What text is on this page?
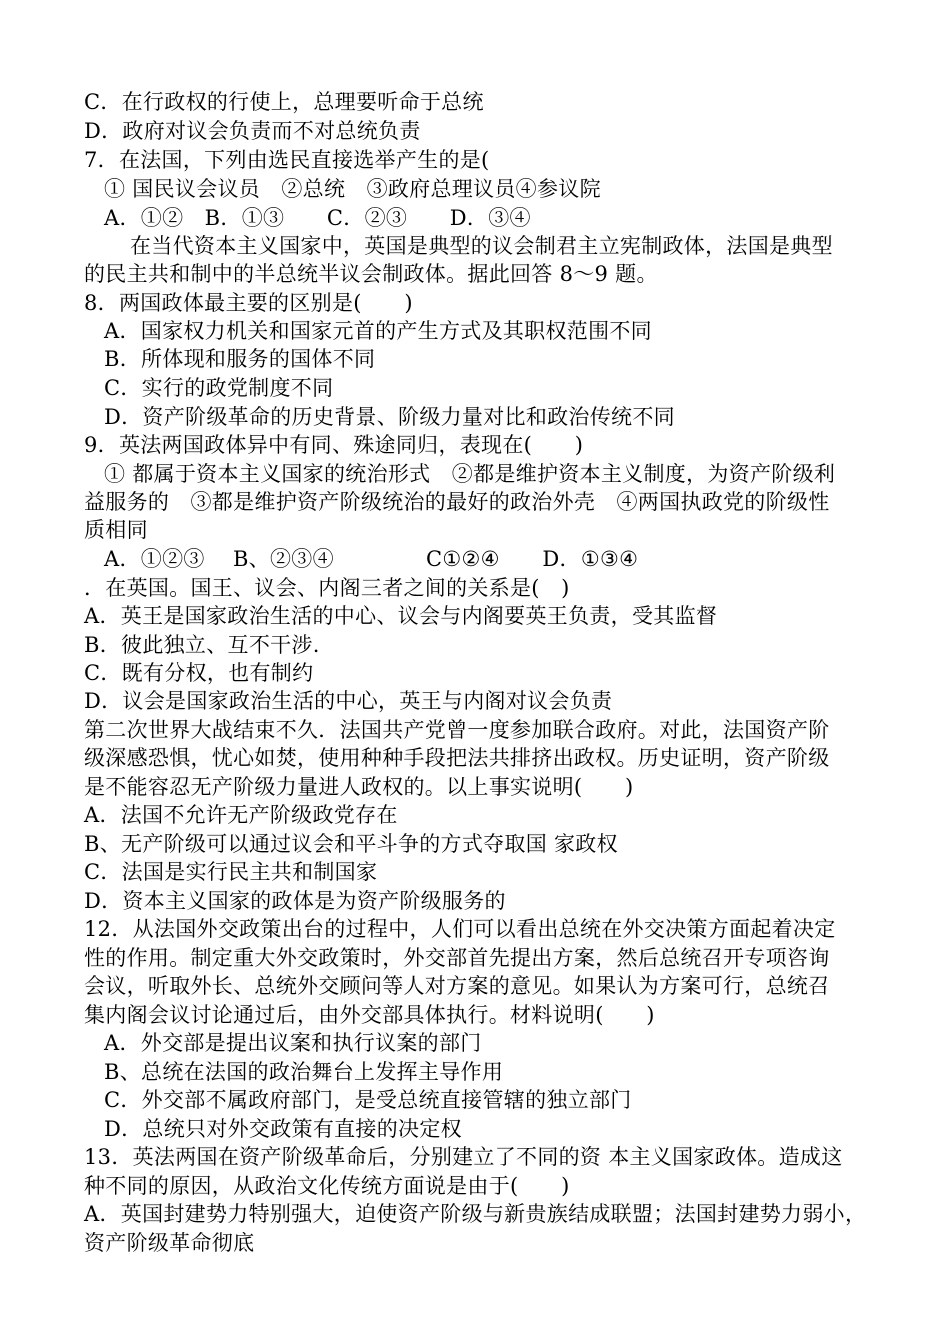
C．在行政权的行使上，总理要听命于总统
D．政府对议会负责而不对总统负责
7．在法国，下列由选民直接选举产生的是(
① 国民议会议员　②总统　③政府总理议员④参议院
A．①②　B．①③　　C．②③　　D．③④
在当代资本主义国家中，英国是典型的议会制君主立宪制政体，法国是典型
的民主共和制中的半总统半议会制政体。据此回答 8～9 题。
8．两国政体最主要的区别是(　　)
A．国家权力机关和国家元首的产生方式及其职权范围不同
B．所体现和服务的国体不同
C．实行的政党制度不同
D．资产阶级革命的历史背景、阶级力量对比和政治传统不同
9．英法两国政体异中有同、殊途同归，表现在(　　)
① 都属于资本主义国家的统治形式　②都是维护资本主义制度，为资产阶级利
益服务的　③都是维护资产阶级统治的最好的政治外壳　④两国执政党的阶级性
质相同
A．①②③　 B、②③④　　　　 C①②④　　D．①③④
．在英国。国王、议会、内阁三者之间的关系是(　)
A．英王是国家政治生活的中心、议会与内阁要英王负责，受其监督
B．彼此独立、互不干涉.
C．既有分权，也有制约
D．议会是国家政治生活的中心，英王与内阁对议会负责
第二次世界大战结束不久．法国共产党曾一度参加联合政府。对此，法国资产阶
级深感恐惧，忧心如焚，使用种种手段把法共排挤出政权。历史证明，资产阶级
是不能容忍无产阶级力量进人政权的。以上事实说明(　　)
A．法国不允许无产阶级政党存在
B、无产阶级可以通过议会和平斗争的方式夺取国 家政权
C．法国是实行民主共和制国家
D．资本主义国家的政体是为资产阶级服务的
12．从法国外交政策出台的过程中，人们可以看出总统在外交决策方面起着决定
性的作用。制定重大外交政策时，外交部首先提出方案，然后总统召开专项咨询
会议，听取外长、总统外交顾问等人对方案的意见。如果认为方案可行，总统召
集内阁会议讨论通过后，由外交部具体执行。材料说明(　　)
A．外交部是提出议案和执行议案的部门
B、总统在法国的政治舞台上发挥主导作用
C．外交部不属政府部门，是受总统直接管辖的独立部门
D．总统只对外交政策有直接的决定权
13．英法两国在资产阶级革命后，分别建立了不同的资 本主义国家政体。造成这
种不同的原因，从政治文化传统方面说是由于(　　)
A．英国封建势力特别强大，迫使资产阶级与新贵族结成联盟；法国封建势力弱小，
资产阶级革命彻底
